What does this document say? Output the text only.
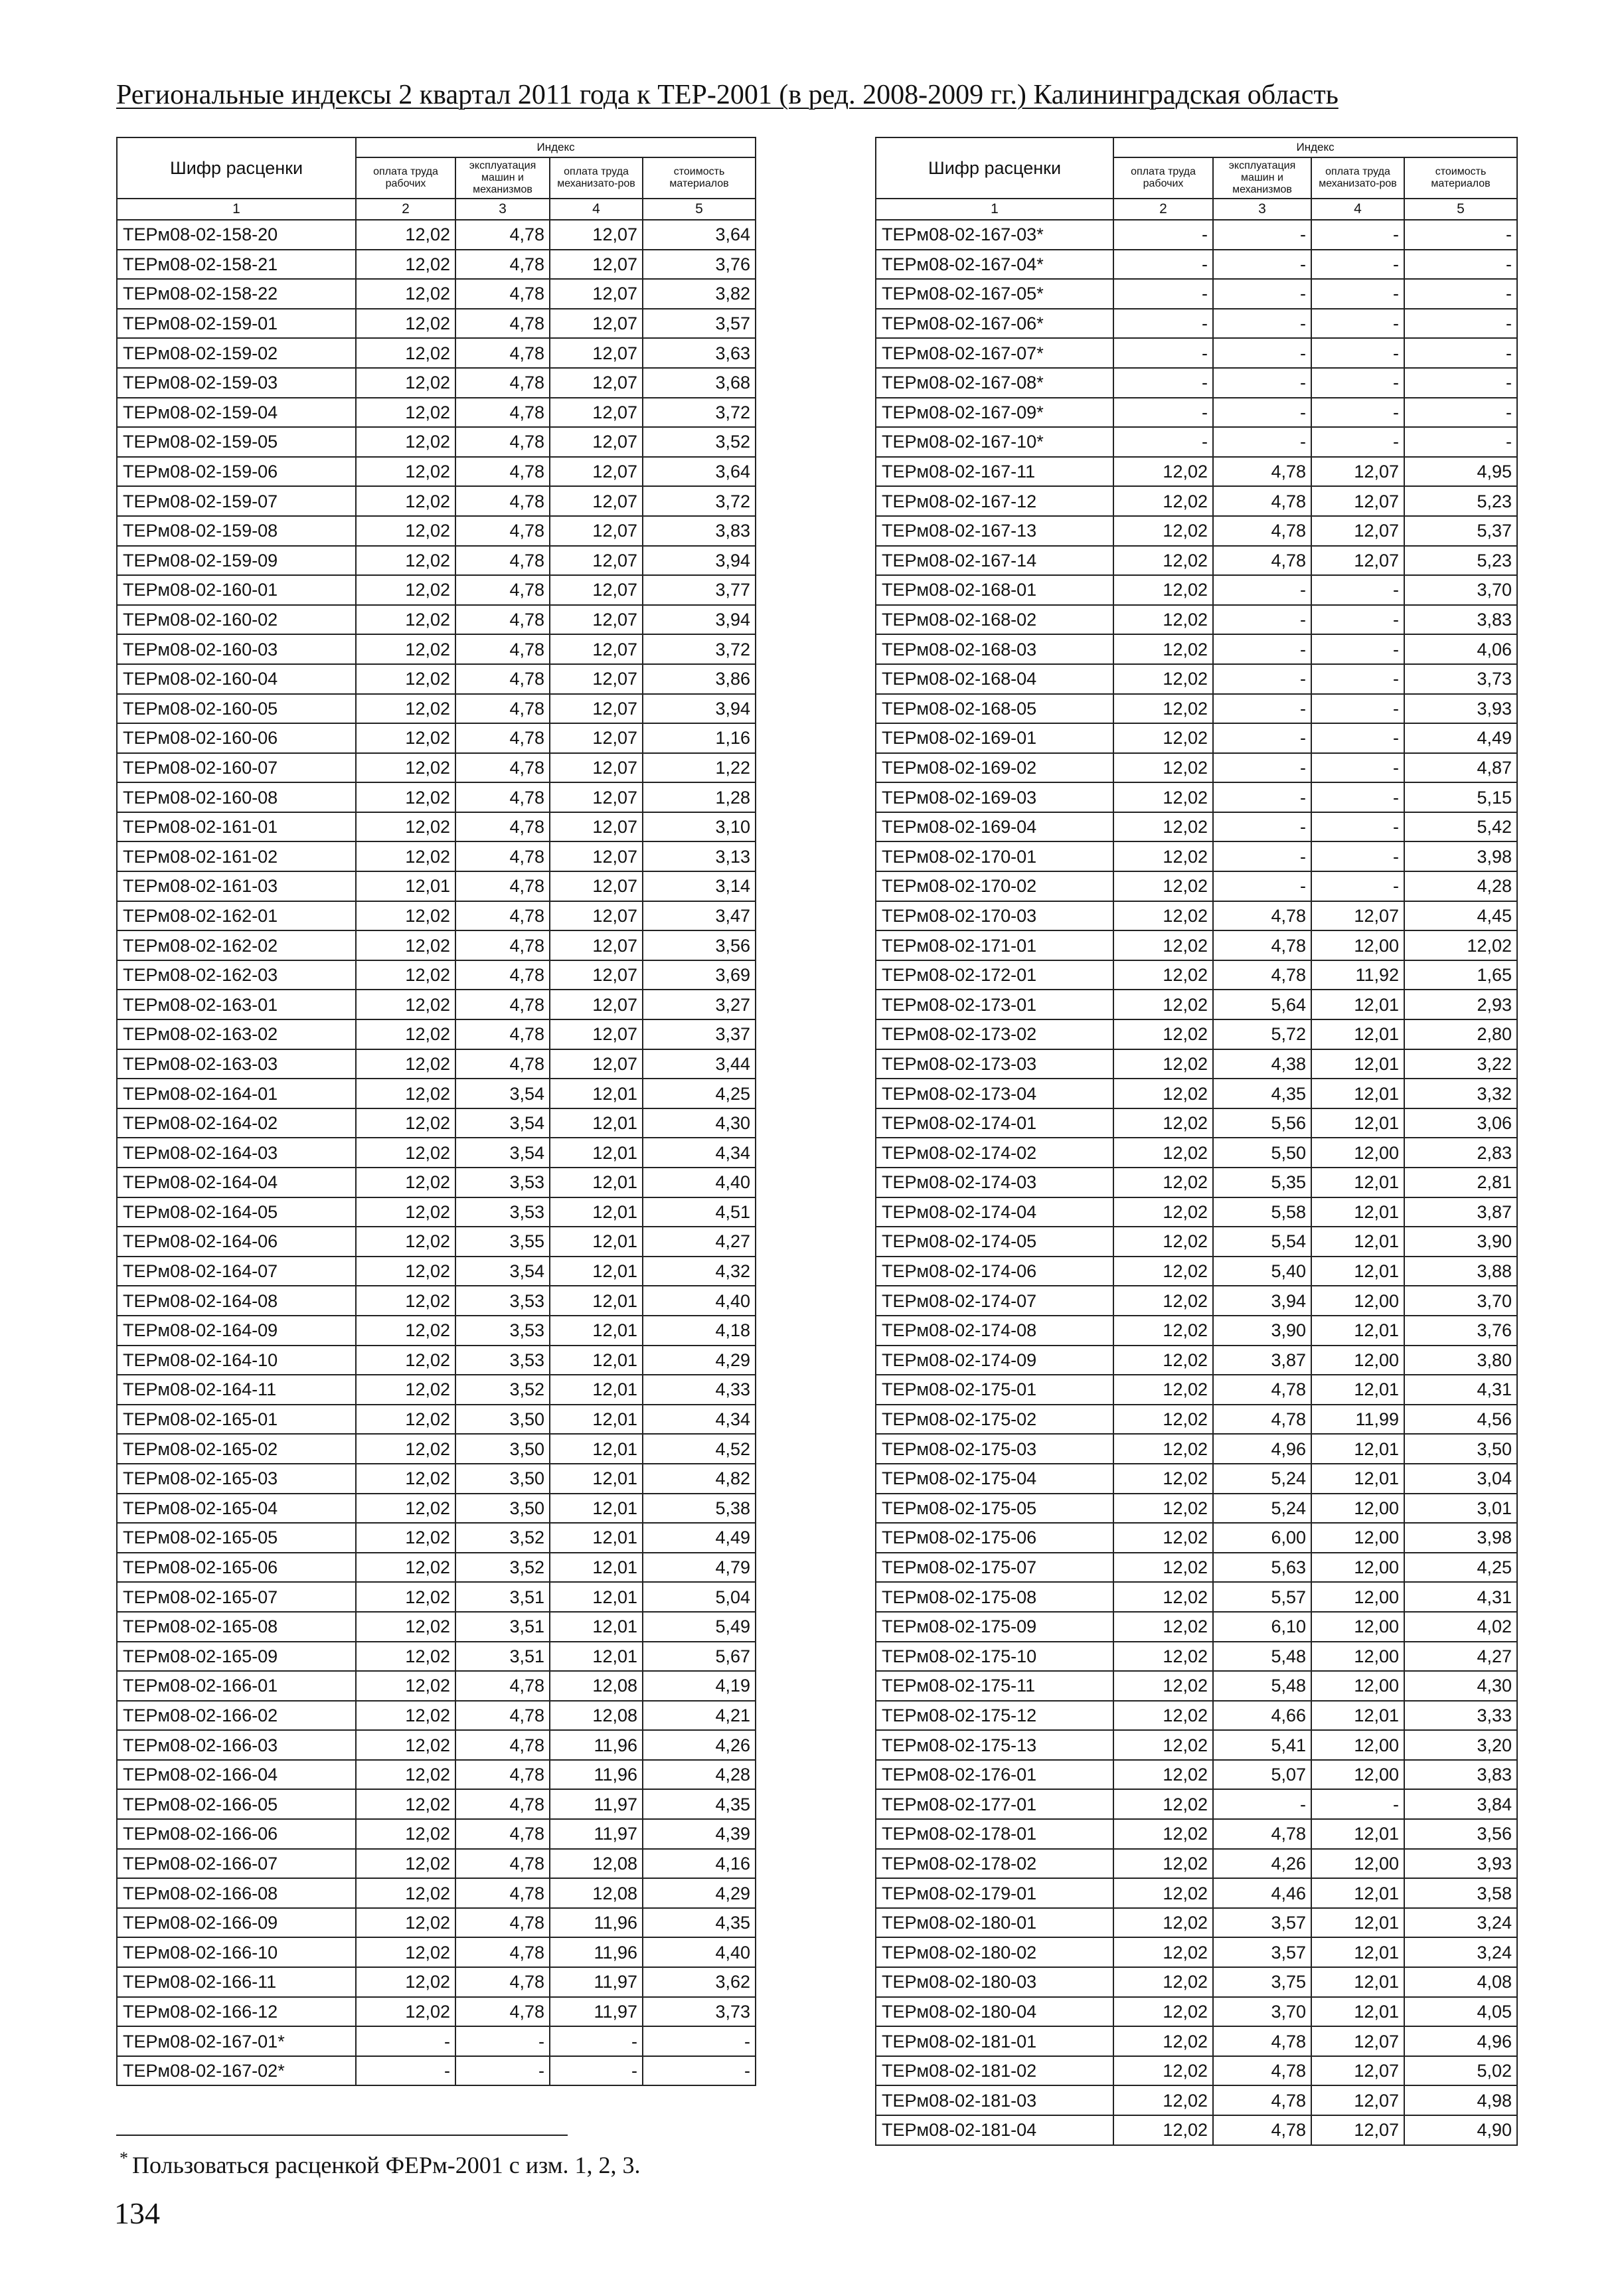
Региональные индексы 2 квартал 2011 года к ТЕР-2001 (в ред. 2008-2009 гг.) Калининградская область
Шифр расценки	Индекс			
	оплата труда рабочих	эксплуатация машин и механизмов	оплата труда механизато-ров	стоимость материалов
1	2	3	4	5
ТЕРм08-02-158-20	12,02	4,78	12,07	3,64
ТЕРм08-02-158-21	12,02	4,78	12,07	3,76
ТЕРм08-02-158-22	12,02	4,78	12,07	3,82
ТЕРм08-02-159-01	12,02	4,78	12,07	3,57
ТЕРм08-02-159-02	12,02	4,78	12,07	3,63
ТЕРм08-02-159-03	12,02	4,78	12,07	3,68
ТЕРм08-02-159-04	12,02	4,78	12,07	3,72
ТЕРм08-02-159-05	12,02	4,78	12,07	3,52
ТЕРм08-02-159-06	12,02	4,78	12,07	3,64
ТЕРм08-02-159-07	12,02	4,78	12,07	3,72
ТЕРм08-02-159-08	12,02	4,78	12,07	3,83
ТЕРм08-02-159-09	12,02	4,78	12,07	3,94
ТЕРм08-02-160-01	12,02	4,78	12,07	3,77
ТЕРм08-02-160-02	12,02	4,78	12,07	3,94
ТЕРм08-02-160-03	12,02	4,78	12,07	3,72
ТЕРм08-02-160-04	12,02	4,78	12,07	3,86
ТЕРм08-02-160-05	12,02	4,78	12,07	3,94
ТЕРм08-02-160-06	12,02	4,78	12,07	1,16
ТЕРм08-02-160-07	12,02	4,78	12,07	1,22
ТЕРм08-02-160-08	12,02	4,78	12,07	1,28
ТЕРм08-02-161-01	12,02	4,78	12,07	3,10
ТЕРм08-02-161-02	12,02	4,78	12,07	3,13
ТЕРм08-02-161-03	12,01	4,78	12,07	3,14
ТЕРм08-02-162-01	12,02	4,78	12,07	3,47
ТЕРм08-02-162-02	12,02	4,78	12,07	3,56
ТЕРм08-02-162-03	12,02	4,78	12,07	3,69
ТЕРм08-02-163-01	12,02	4,78	12,07	3,27
ТЕРм08-02-163-02	12,02	4,78	12,07	3,37
ТЕРм08-02-163-03	12,02	4,78	12,07	3,44
ТЕРм08-02-164-01	12,02	3,54	12,01	4,25
ТЕРм08-02-164-02	12,02	3,54	12,01	4,30
ТЕРм08-02-164-03	12,02	3,54	12,01	4,34
ТЕРм08-02-164-04	12,02	3,53	12,01	4,40
ТЕРм08-02-164-05	12,02	3,53	12,01	4,51
ТЕРм08-02-164-06	12,02	3,55	12,01	4,27
ТЕРм08-02-164-07	12,02	3,54	12,01	4,32
ТЕРм08-02-164-08	12,02	3,53	12,01	4,40
ТЕРм08-02-164-09	12,02	3,53	12,01	4,18
ТЕРм08-02-164-10	12,02	3,53	12,01	4,29
ТЕРм08-02-164-11	12,02	3,52	12,01	4,33
ТЕРм08-02-165-01	12,02	3,50	12,01	4,34
ТЕРм08-02-165-02	12,02	3,50	12,01	4,52
ТЕРм08-02-165-03	12,02	3,50	12,01	4,82
ТЕРм08-02-165-04	12,02	3,50	12,01	5,38
ТЕРм08-02-165-05	12,02	3,52	12,01	4,49
ТЕРм08-02-165-06	12,02	3,52	12,01	4,79
ТЕРм08-02-165-07	12,02	3,51	12,01	5,04
ТЕРм08-02-165-08	12,02	3,51	12,01	5,49
ТЕРм08-02-165-09	12,02	3,51	12,01	5,67
ТЕРм08-02-166-01	12,02	4,78	12,08	4,19
ТЕРм08-02-166-02	12,02	4,78	12,08	4,21
ТЕРм08-02-166-03	12,02	4,78	11,96	4,26
ТЕРм08-02-166-04	12,02	4,78	11,96	4,28
ТЕРм08-02-166-05	12,02	4,78	11,97	4,35
ТЕРм08-02-166-06	12,02	4,78	11,97	4,39
ТЕРм08-02-166-07	12,02	4,78	12,08	4,16
ТЕРм08-02-166-08	12,02	4,78	12,08	4,29
ТЕРм08-02-166-09	12,02	4,78	11,96	4,35
ТЕРм08-02-166-10	12,02	4,78	11,96	4,40
ТЕРм08-02-166-11	12,02	4,78	11,97	3,62
ТЕРм08-02-166-12	12,02	4,78	11,97	3,73
ТЕРм08-02-167-01*	-	-	-	-
ТЕРм08-02-167-02*	-	-	-	-
Шифр расценки	Индекс			
	оплата труда рабочих	эксплуатация машин и механизмов	оплата труда механизато-ров	стоимость материалов
1	2	3	4	5
ТЕРм08-02-167-03*	-	-	-	-
ТЕРм08-02-167-04*	-	-	-	-
ТЕРм08-02-167-05*	-	-	-	-
ТЕРм08-02-167-06*	-	-	-	-
ТЕРм08-02-167-07*	-	-	-	-
ТЕРм08-02-167-08*	-	-	-	-
ТЕРм08-02-167-09*	-	-	-	-
ТЕРм08-02-167-10*	-	-	-	-
ТЕРм08-02-167-11	12,02	4,78	12,07	4,95
ТЕРм08-02-167-12	12,02	4,78	12,07	5,23
ТЕРм08-02-167-13	12,02	4,78	12,07	5,37
ТЕРм08-02-167-14	12,02	4,78	12,07	5,23
ТЕРм08-02-168-01	12,02	-	-	3,70
ТЕРм08-02-168-02	12,02	-	-	3,83
ТЕРм08-02-168-03	12,02	-	-	4,06
ТЕРм08-02-168-04	12,02	-	-	3,73
ТЕРм08-02-168-05	12,02	-	-	3,93
ТЕРм08-02-169-01	12,02	-	-	4,49
ТЕРм08-02-169-02	12,02	-	-	4,87
ТЕРм08-02-169-03	12,02	-	-	5,15
ТЕРм08-02-169-04	12,02	-	-	5,42
ТЕРм08-02-170-01	12,02	-	-	3,98
ТЕРм08-02-170-02	12,02	-	-	4,28
ТЕРм08-02-170-03	12,02	4,78	12,07	4,45
ТЕРм08-02-171-01	12,02	4,78	12,00	12,02
ТЕРм08-02-172-01	12,02	4,78	11,92	1,65
ТЕРм08-02-173-01	12,02	5,64	12,01	2,93
ТЕРм08-02-173-02	12,02	5,72	12,01	2,80
ТЕРм08-02-173-03	12,02	4,38	12,01	3,22
ТЕРм08-02-173-04	12,02	4,35	12,01	3,32
ТЕРм08-02-174-01	12,02	5,56	12,01	3,06
ТЕРм08-02-174-02	12,02	5,50	12,00	2,83
ТЕРм08-02-174-03	12,02	5,35	12,01	2,81
ТЕРм08-02-174-04	12,02	5,58	12,01	3,87
ТЕРм08-02-174-05	12,02	5,54	12,01	3,90
ТЕРм08-02-174-06	12,02	5,40	12,01	3,88
ТЕРм08-02-174-07	12,02	3,94	12,00	3,70
ТЕРм08-02-174-08	12,02	3,90	12,01	3,76
ТЕРм08-02-174-09	12,02	3,87	12,00	3,80
ТЕРм08-02-175-01	12,02	4,78	12,01	4,31
ТЕРм08-02-175-02	12,02	4,78	11,99	4,56
ТЕРм08-02-175-03	12,02	4,96	12,01	3,50
ТЕРм08-02-175-04	12,02	5,24	12,01	3,04
ТЕРм08-02-175-05	12,02	5,24	12,00	3,01
ТЕРм08-02-175-06	12,02	6,00	12,00	3,98
ТЕРм08-02-175-07	12,02	5,63	12,00	4,25
ТЕРм08-02-175-08	12,02	5,57	12,00	4,31
ТЕРм08-02-175-09	12,02	6,10	12,00	4,02
ТЕРм08-02-175-10	12,02	5,48	12,00	4,27
ТЕРм08-02-175-11	12,02	5,48	12,00	4,30
ТЕРм08-02-175-12	12,02	4,66	12,01	3,33
ТЕРм08-02-175-13	12,02	5,41	12,00	3,20
ТЕРм08-02-176-01	12,02	5,07	12,00	3,83
ТЕРм08-02-177-01	12,02	-	-	3,84
ТЕРм08-02-178-01	12,02	4,78	12,01	3,56
ТЕРм08-02-178-02	12,02	4,26	12,00	3,93
ТЕРм08-02-179-01	12,02	4,46	12,01	3,58
ТЕРм08-02-180-01	12,02	3,57	12,01	3,24
ТЕРм08-02-180-02	12,02	3,57	12,01	3,24
ТЕРм08-02-180-03	12,02	3,75	12,01	4,08
ТЕРм08-02-180-04	12,02	3,70	12,01	4,05
ТЕРм08-02-181-01	12,02	4,78	12,07	4,96
ТЕРм08-02-181-02	12,02	4,78	12,07	5,02
ТЕРм08-02-181-03	12,02	4,78	12,07	4,98
ТЕРм08-02-181-04	12,02	4,78	12,07	4,90
* Пользоваться расценкой ФЕРм-2001 с изм. 1, 2, 3.
134
